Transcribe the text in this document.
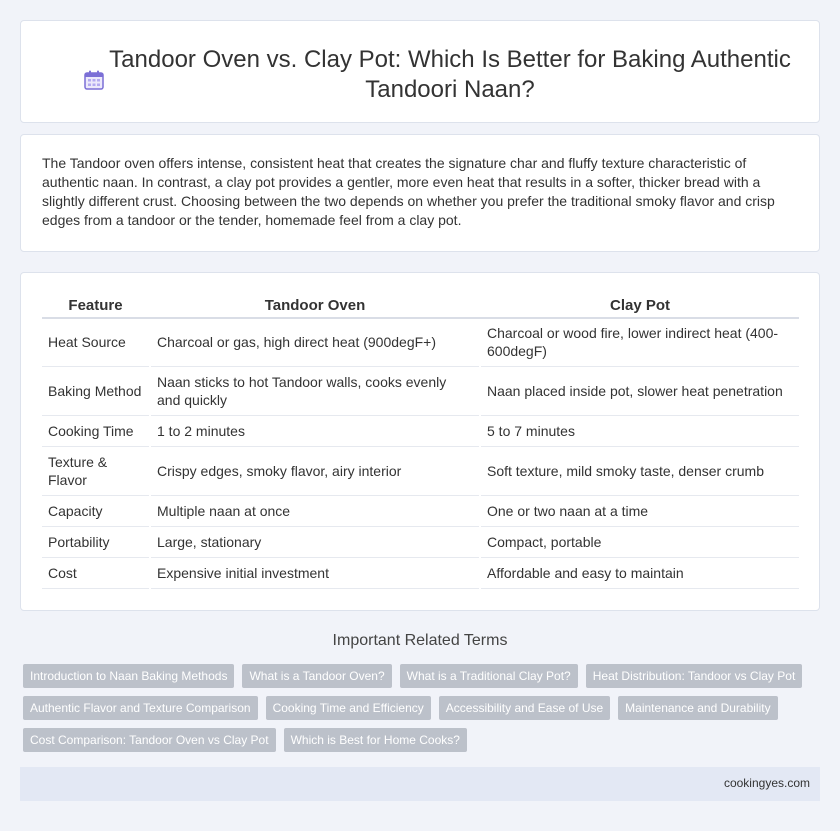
Tandoor Oven vs. Clay Pot: Which Is Better for Baking Authentic Tandoori Naan?

The Tandoor oven offers intense, consistent heat that creates the signature char and fluffy texture characteristic of authentic naan. In contrast, a clay pot provides a gentler, more even heat that results in a softer, thicker bread with a slightly different crust. Choosing between the two depends on whether you prefer the traditional smoky flavor and crisp edges from a tandoor or the tender, homemade feel from a clay pot.

Feature	Tandoor Oven	Clay Pot
Heat Source	Charcoal or gas, high direct heat (900degF+)	Charcoal or wood fire, lower indirect heat (400-600degF)
Baking Method	Naan sticks to hot Tandoor walls, cooks evenly and quickly	Naan placed inside pot, slower heat penetration
Cooking Time	1 to 2 minutes	5 to 7 minutes
Texture & Flavor	Crispy edges, smoky flavor, airy interior	Soft texture, mild smoky taste, denser crumb
Capacity	Multiple naan at once	One or two naan at a time
Portability	Large, stationary	Compact, portable
Cost	Expensive initial investment	Affordable and easy to maintain
Important Related Terms
Introduction to Naan Baking Methods	What is a Tandoor Oven?	What is a Traditional Clay Pot?	Heat Distribution: Tandoor vs Clay Pot
Authentic Flavor and Texture Comparison	Cooking Time and Efficiency	Accessibility and Ease of Use	Maintenance and Durability
Cost Comparison: Tandoor Oven vs Clay Pot	Which is Best for Home Cooks?
cookingyes.com
